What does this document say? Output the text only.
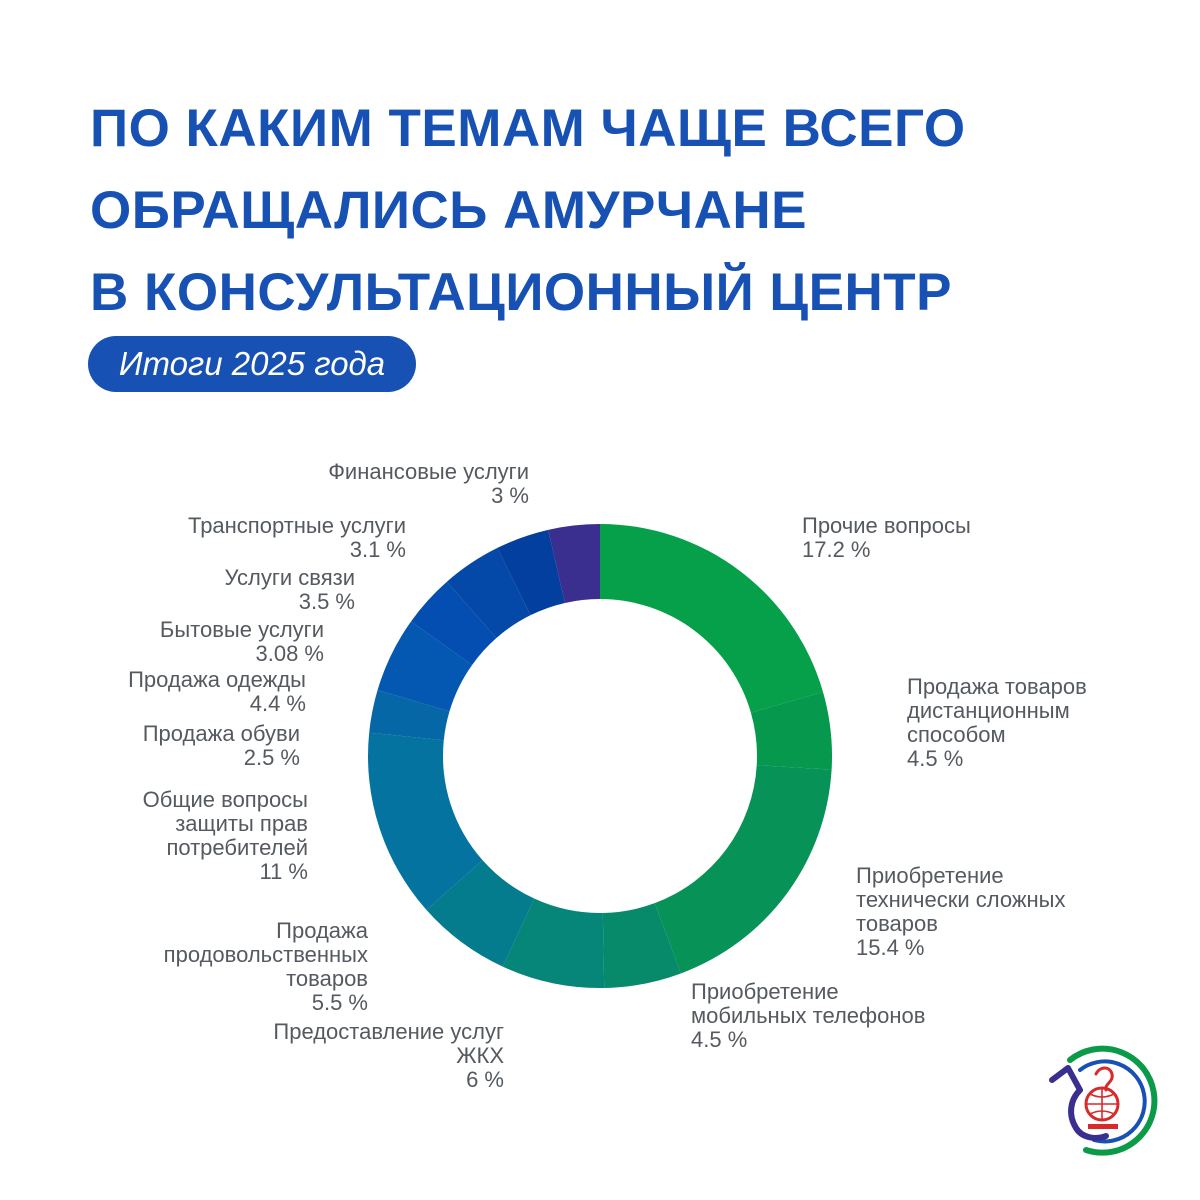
ПО КАКИМ ТЕМАМ ЧАЩЕ ВСЕГО
ОБРАЩАЛИСЬ АМУРЧАНЕ
В КОНСУЛЬТАЦИОННЫЙ ЦЕНТР
Итоги 2025 года
Прочие вопросы 17.2 %
Продажа товаров дистанционным способом 4.5 %
Приобретение технически сложных товаров 15.4 %
Приобретение мобильных телефонов 4.5 %
Предоставление услуг ЖКХ 6 %
Продажа продовольственных товаров 5.5 %
Общие вопросы защиты прав потребителей 11 %
Продажа обуви 2.5 %
Продажа одежды 4.4 %
Бытовые услуги 3.08 %
Услуги связи 3.5 %
Транспортные услуги 3.1 %
Финансовые услуги 3 %
